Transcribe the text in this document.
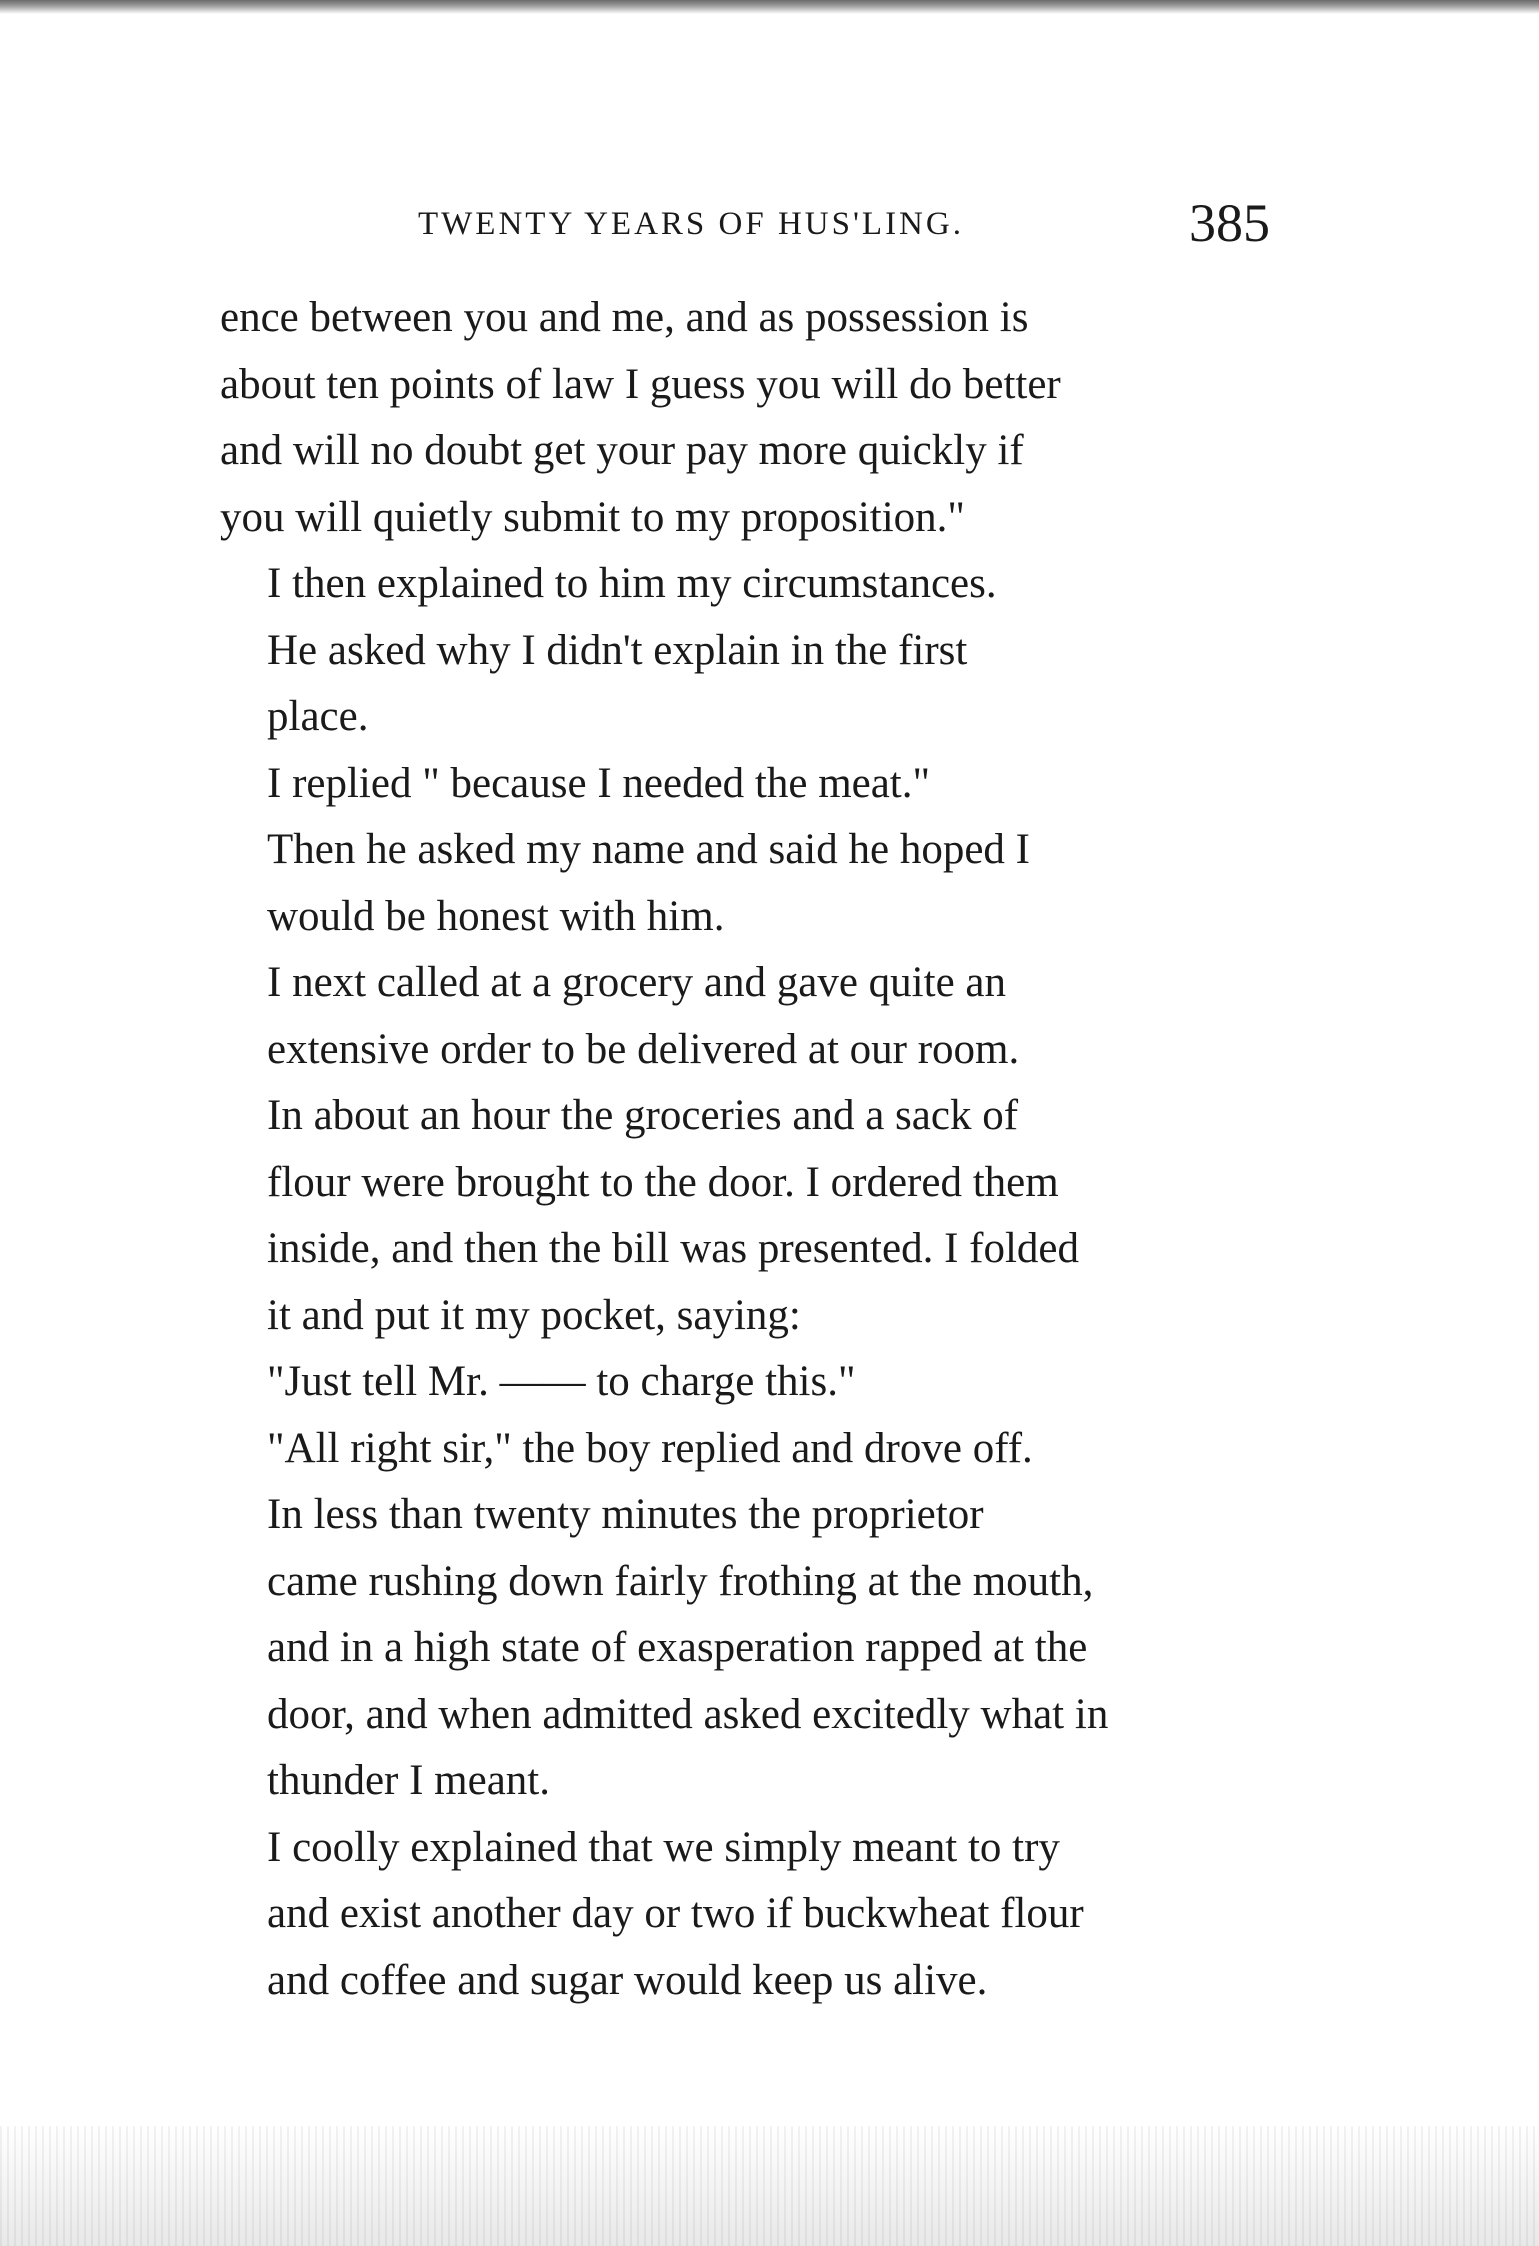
TWENTY YEARS OF HUS'LING.	385

ence between you and me, and as possession is
about ten points of law I guess you will do better
and will no doubt get your pay more quickly if
you will quietly submit to my proposition."

I then explained to him my circumstances.

He asked why I didn't explain in the first
place.

I replied " because I needed the meat."

Then he asked my name and said he hoped I
would be honest with him.

I next called at a grocery and gave quite an
extensive order to be delivered at our room.

In about an hour the groceries and a sack of
flour were brought to the door. I ordered them
inside, and then the bill was presented. I folded
it and put it my pocket, saying:

"Just tell Mr. —— to charge this."

"All right sir," the boy replied and drove off.

In less than twenty minutes the proprietor
came rushing down fairly frothing at the mouth,
and in a high state of exasperation rapped at the
door, and when admitted asked excitedly what in
thunder I meant.

I coolly explained that we simply meant to try
and exist another day or two if buckwheat flour
and coffee and sugar would keep us alive.
